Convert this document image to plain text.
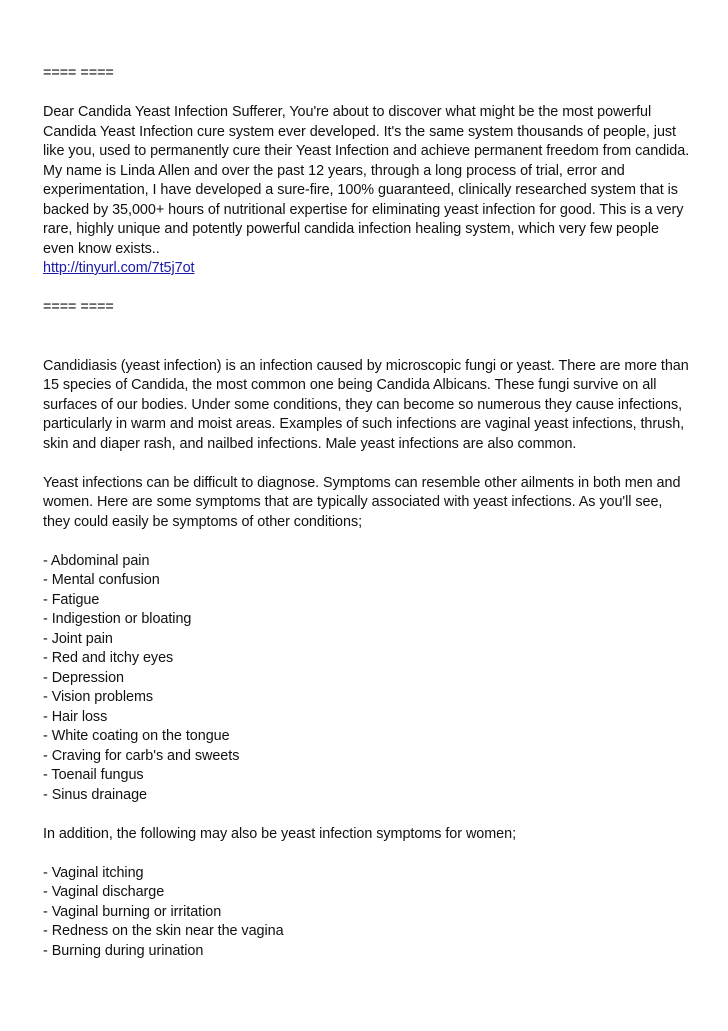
==== ====

Dear Candida Yeast Infection Sufferer, You're about to discover what might be the most powerful Candida Yeast Infection cure system ever developed. It's the same system thousands of people, just like you, used to permanently cure their Yeast Infection and achieve permanent freedom from candida. My name is Linda Allen and over the past 12 years, through a long process of trial, error and experimentation, I have developed a sure-fire, 100% guaranteed, clinically researched system that is backed by 35,000+ hours of nutritional expertise for eliminating yeast infection for good. This is a very rare, highly unique and potently powerful candida infection healing system, which very few people even know exists..

http://tinyurl.com/7t5j7ot

==== ====

Candidiasis (yeast infection) is an infection caused by microscopic fungi or yeast. There are more than 15 species of Candida, the most common one being Candida Albicans. These fungi survive on all surfaces of our bodies. Under some conditions, they can become so numerous they cause infections, particularly in warm and moist areas. Examples of such infections are vaginal yeast infections, thrush, skin and diaper rash, and nailbed infections. Male yeast infections are also common.

Yeast infections can be difficult to diagnose. Symptoms can resemble other ailments in both men and women. Here are some symptoms that are typically associated with yeast infections. As you'll see, they could easily be symptoms of other conditions;

- Abdominal pain
- Mental confusion
- Fatigue
- Indigestion or bloating
- Joint pain
- Red and itchy eyes
- Depression
- Vision problems
- Hair loss
- White coating on the tongue
- Craving for carb's and sweets
- Toenail fungus
- Sinus drainage

In addition, the following may also be yeast infection symptoms for women;

- Vaginal itching
- Vaginal discharge
- Vaginal burning or irritation
- Redness on the skin near the vagina
- Burning during urination
